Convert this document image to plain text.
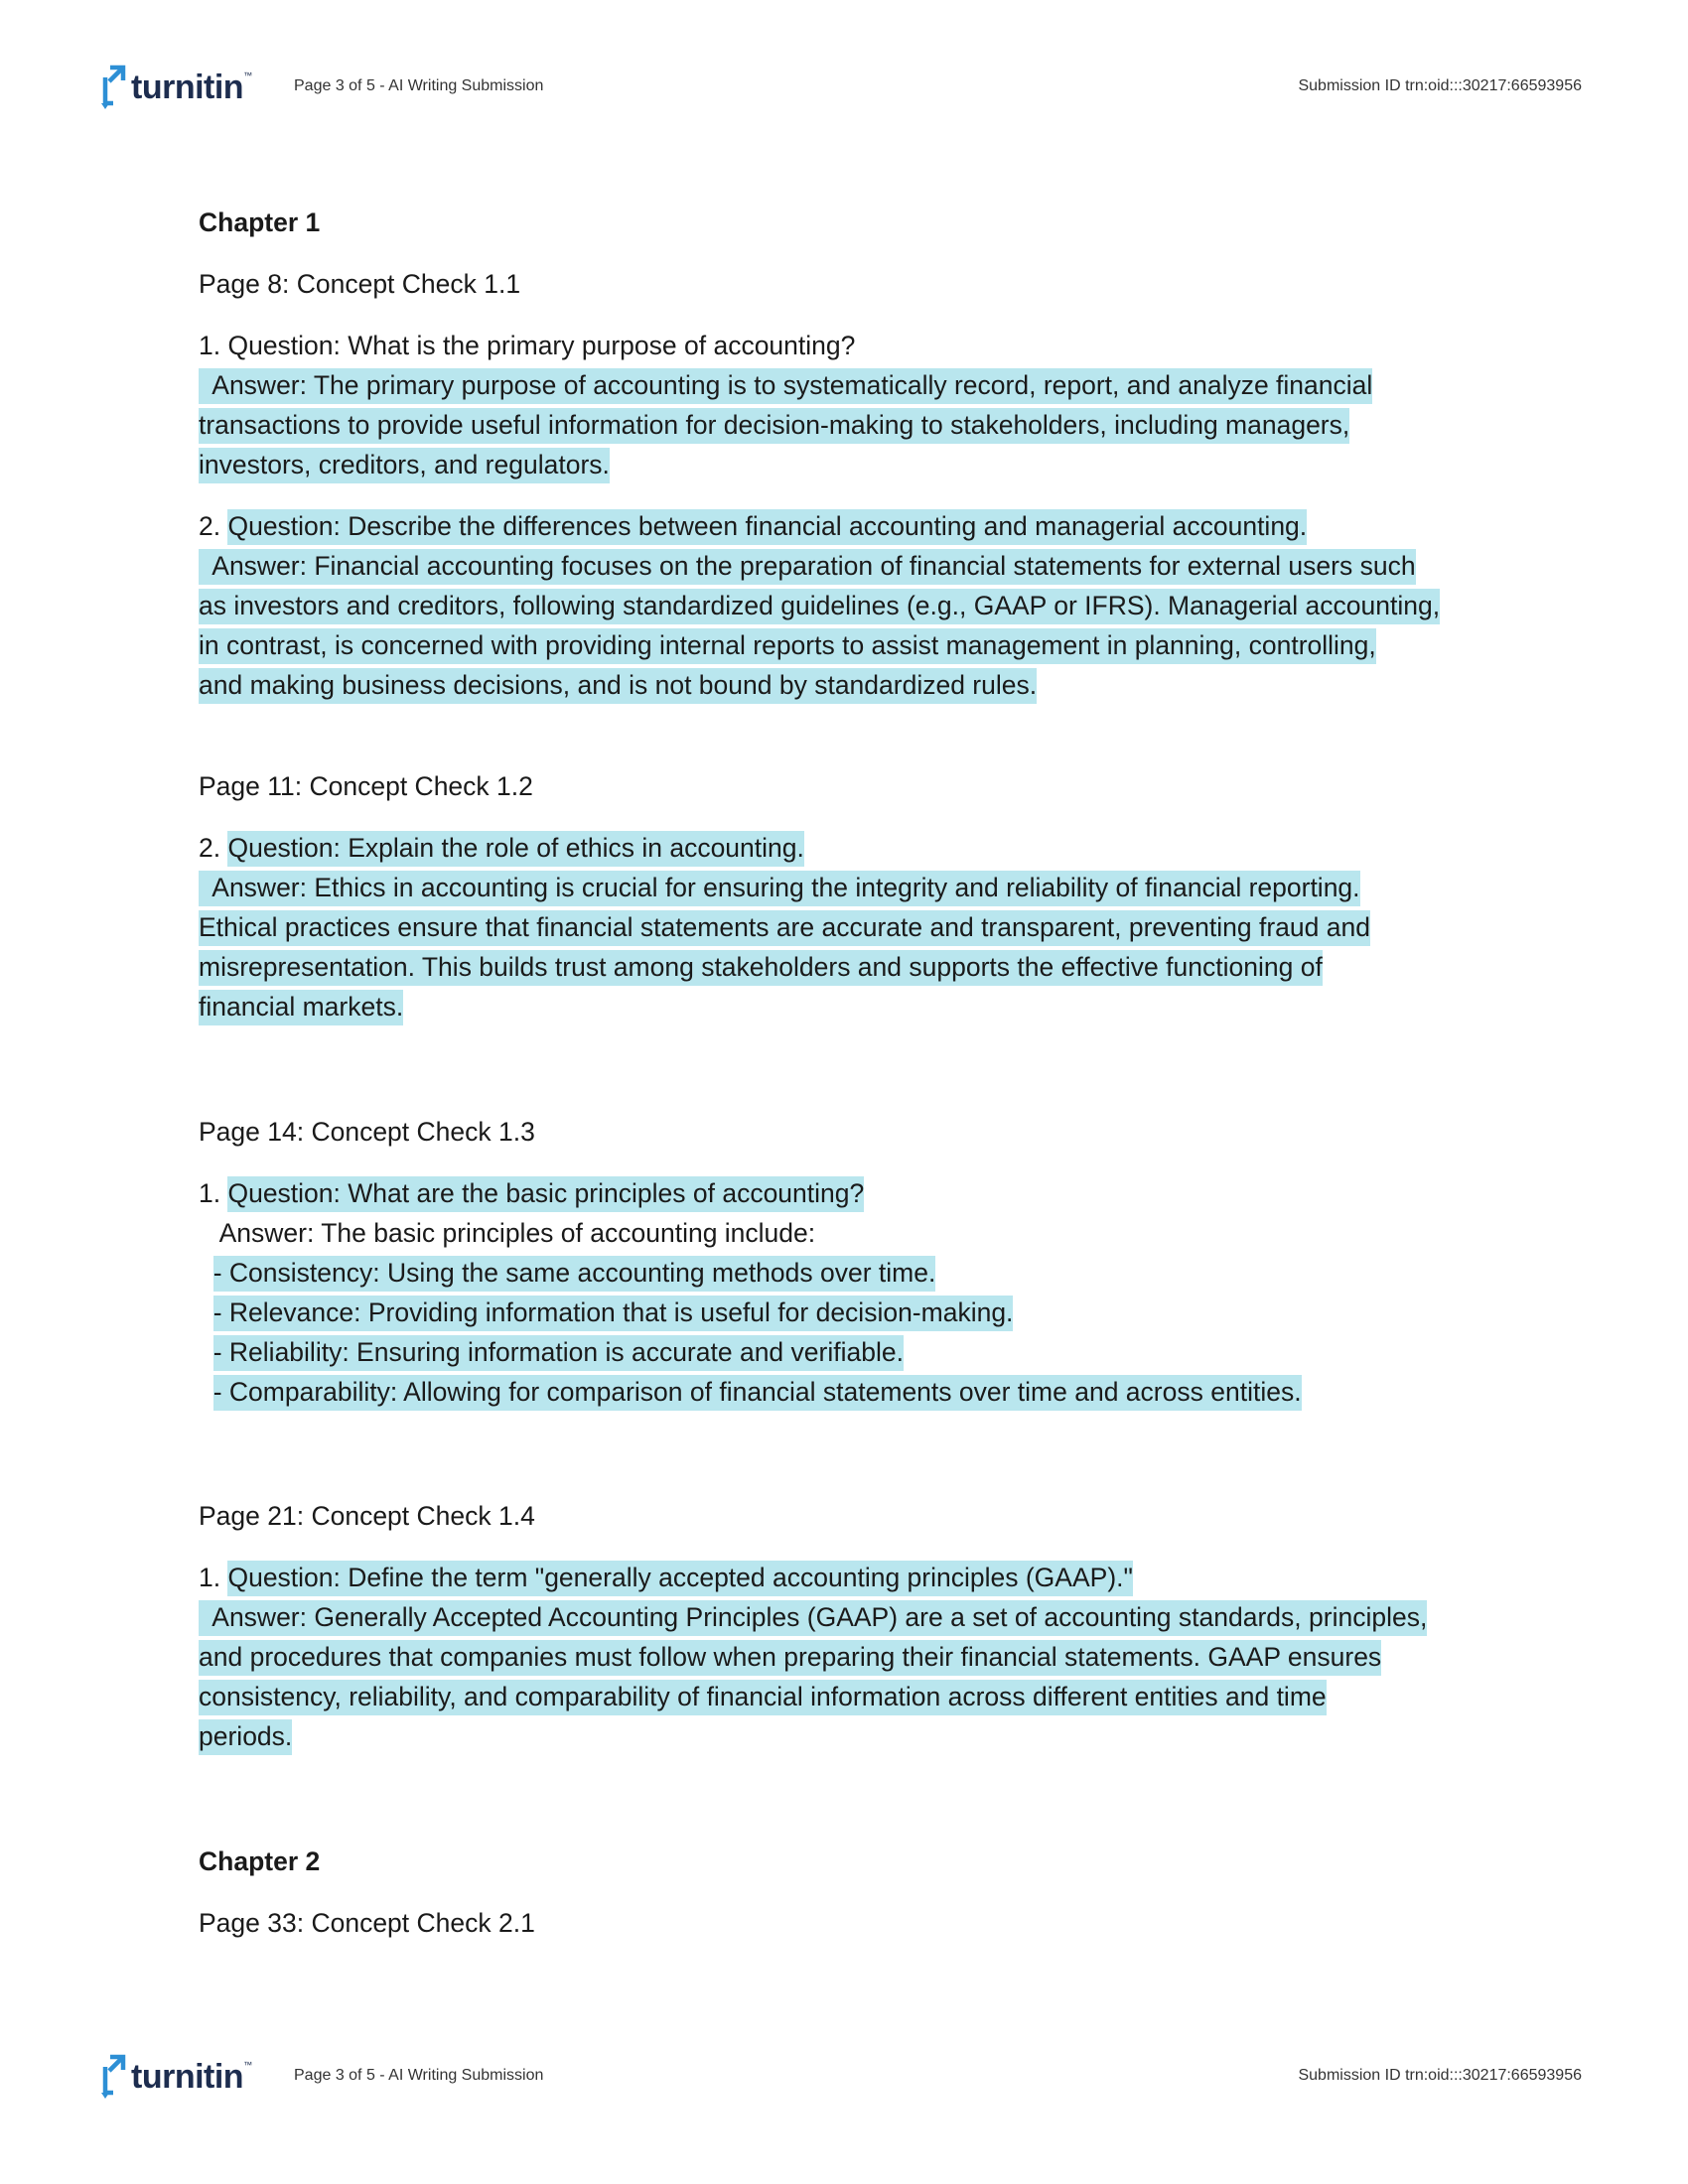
turnitin ™
Page 3 of 5 - AI Writing Submission	Submission ID trn:oid:::30217:66593956
Chapter 1
Page 8: Concept Check 1.1
1. Question: What is the primary purpose of accounting?
Answer: The primary purpose of accounting is to systematically record, report, and analyze financial
transactions to provide useful information for decision-making to stakeholders, including managers,
investors, creditors, and regulators.
2. Question: Describe the differences between financial accounting and managerial accounting.
Answer: Financial accounting focuses on the preparation of financial statements for external users such
as investors and creditors, following standardized guidelines (e.g., GAAP or IFRS). Managerial accounting,
in contrast, is concerned with providing internal reports to assist management in planning, controlling,
and making business decisions, and is not bound by standardized rules.
Page 11: Concept Check 1.2
2. Question: Explain the role of ethics in accounting.
Answer: Ethics in accounting is crucial for ensuring the integrity and reliability of financial reporting.
Ethical practices ensure that financial statements are accurate and transparent, preventing fraud and
misrepresentation. This builds trust among stakeholders and supports the effective functioning of
financial markets.
Page 14: Concept Check 1.3
1. Question: What are the basic principles of accounting?
Answer: The basic principles of accounting include:
- Consistency: Using the same accounting methods over time.
- Relevance: Providing information that is useful for decision-making.
- Reliability: Ensuring information is accurate and verifiable.
- Comparability: Allowing for comparison of financial statements over time and across entities.
Page 21: Concept Check 1.4
1. Question: Define the term "generally accepted accounting principles (GAAP)."
Answer: Generally Accepted Accounting Principles (GAAP) are a set of accounting standards, principles,
and procedures that companies must follow when preparing their financial statements. GAAP ensures
consistency, reliability, and comparability of financial information across different entities and time
periods.
Chapter 2
Page 33: Concept Check 2.1
turnitin ™
Page 3 of 5 - AI Writing Submission	Submission ID trn:oid:::30217:66593956
